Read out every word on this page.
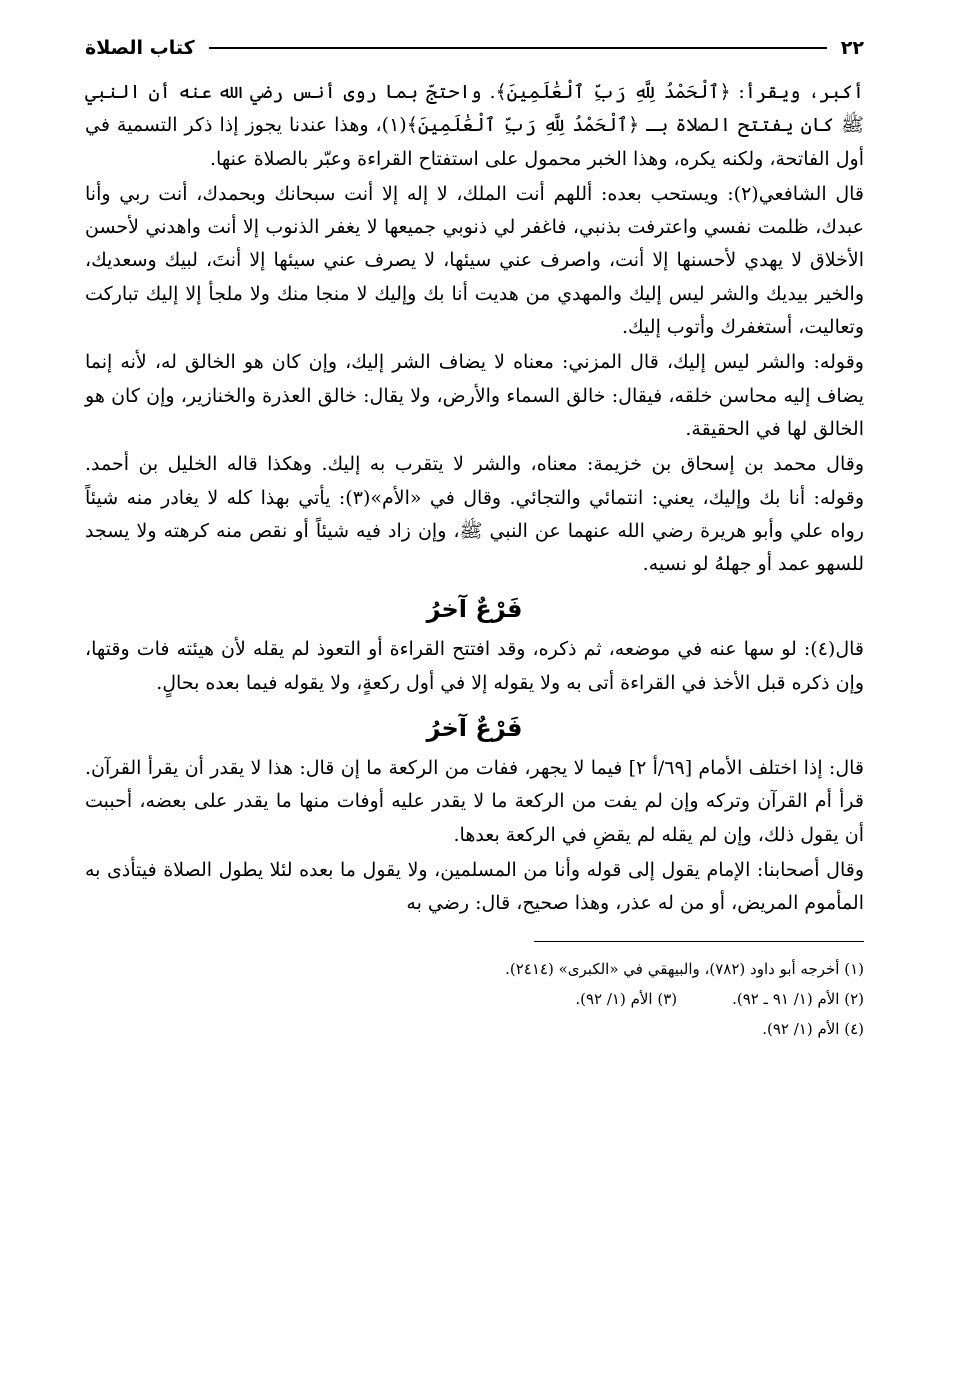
٢٢
كتاب الصلاة

أكبر، ويقرأ: ﴿ٱلْحَمْدُ لِلَّهِ رَبِّ ٱلْعَٰلَمِينَ﴾. واحتجّ بما روى أنس رضي الله عنه أن النبي ﷺ كان يفتتح الصلاة بـ ﴿ٱلْحَمْدُ لِلَّهِ رَبِّ ٱلْعَٰلَمِينَ﴾(١)، وهذا عندنا يجوز إذا ذكر التسمية في أول الفاتحة، ولكنه يكره، وهذا الخبر محمول على استفتاح القراءة وعبّر بالصلاة عنها.

قال الشافعي(٢): ويستحب بعده: أللهم أنت الملك، لا إله إلا أنت سبحانك وبحمدك، أنت ربي وأنا عبدك، ظلمت نفسي واعترفت بذنبي، فاغفر لي ذنوبي جميعها لا يغفر الذنوب إلا أنت واهدني لأحسن الأخلاق لا يهدي لأحسنها إلا أنت، واصرف عني سيئها، لا يصرف عني سيئها إلا أنتَ، لبيك وسعديك، والخير بيديك والشر ليس إليك والمهدي من هديت أنا بك وإليك لا منجا منك ولا ملجأ إلا إليك تباركت وتعاليت، أستغفرك وأتوب إليك.

وقوله: والشر ليس إليك، قال المزني: معناه لا يضاف الشر إليك، وإن كان هو الخالق له، لأنه إنما يضاف إليه محاسن خلقه، فيقال: خالق السماء والأرض، ولا يقال: خالق العذرة والخنازير، وإن كان هو الخالق لها في الحقيقة.

وقال محمد بن إسحاق بن خزيمة: معناه، والشر لا يتقرب به إليك. وهكذا قاله الخليل بن أحمد. وقوله: أنا بك وإليك، يعني: انتمائي والتجائي. وقال في «الأم»(٣): يأتي بهذا كله لا يغادر منه شيئاً رواه علي وأبو هريرة رضي الله عنهما عن النبي ﷺ، وإن زاد فيه شيئاً أو نقص منه كرهته ولا يسجد للسهو عمد أو جهلهُ لو نسيه.

فَرْعٌ آخرُ

قال(٤): لو سها عنه في موضعه، ثم ذكره، وقد افتتح القراءة أو التعوذ لم يقله لأن هيئته فات وقتها، وإن ذكره قبل الأخذ في القراءة أتى به ولا يقوله إلا في أول ركعةٍ، ولا يقوله فيما بعده بحالٍ.

فَرْعٌ آخرُ

قال: إذا اختلف الأمام [٦٩/أ ٢] فيما لا يجهر، ففات من الركعة ما إن قال: هذا لا يقدر أن يقرأ القرآن. قرأ أم القرآن وتركه وإن لم يفت من الركعة ما لا يقدر عليه أوفات منها ما يقدر على بعضه، أحببت أن يقول ذلك، وإن لم يقله لم يقضِ في الركعة بعدها.

وقال أصحابنا: الإمام يقول إلى قوله وأنا من المسلمين، ولا يقول ما بعده لئلا يطول الصلاة فيتأذى به المأموم المريض، أو من له عذر، وهذا صحيح، قال: رضي به

(١) أخرجه أبو داود (٧٨٢)، والبيهقي في «الكبرى» (٢٤١٤).
(٢) الأم (١/ ٩١ ـ ٩٢).
(٣) الأم (١/ ٩٢).
(٤) الأم (١/ ٩٢).
